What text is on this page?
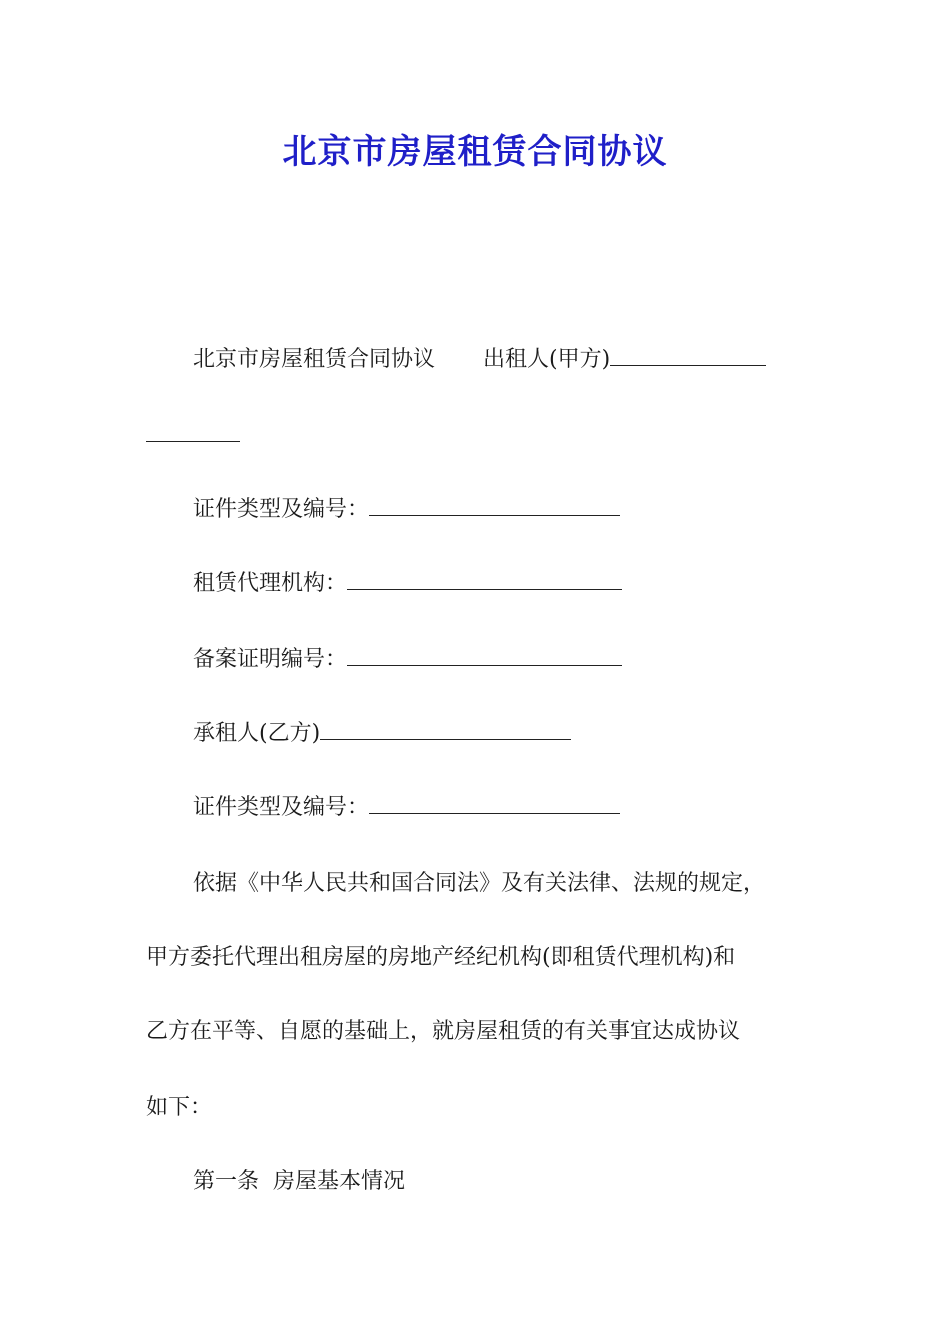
北京市房屋租赁合同协议
北京市房屋租赁合同协议 出租人(甲方)
证件类型及编号：
租赁代理机构：
备案证明编号：
承租人(乙方)
证件类型及编号：
依据《中华人民共和国合同法》及有关法律、法规的规定，
甲方委托代理出租房屋的房地产经纪机构(即租赁代理机构)和
乙方在平等、自愿的基础上，就房屋租赁的有关事宜达成协议
如下：
第一条  房屋基本情况
